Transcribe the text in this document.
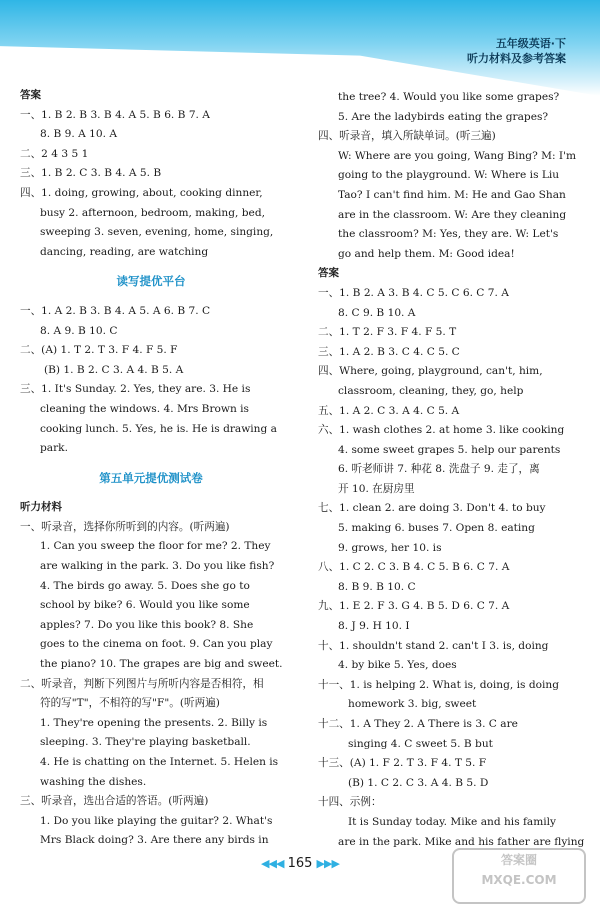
五年级英语·下
听力材料及参考答案
答案
一、1. B 2. B 3. B 4. A 5. B 6. B 7. A
8. B 9. A 10. A
二、2 4 3 5 1
三、1. B 2. C 3. B 4. A 5. B
四、1. doing, growing, about, cooking dinner,
busy 2. afternoon, bedroom, making, bed,
sweeping 3. seven, evening, home, singing,
dancing, reading, are watching
读写提优平台
一、1. A 2. B 3. B 4. A 5. A 6. B 7. C
8. A 9. B 10. C
二、(A) 1. T 2. T 3. F 4. F 5. F
(B) 1. B 2. C 3. A 4. B 5. A
三、1. It's Sunday. 2. Yes, they are. 3. He is
cleaning the windows. 4. Mrs Brown is
cooking lunch. 5. Yes, he is. He is drawing a
park.
第五单元提优测试卷
听力材料
一、听录音，选择你所听到的内容。(听两遍)
1. Can you sweep the floor for me? 2. They
are walking in the park. 3. Do you like fish?
4. The birds go away. 5. Does she go to
school by bike? 6. Would you like some
apples? 7. Do you like this book? 8. She
goes to the cinema on foot. 9. Can you play
the piano? 10. The grapes are big and sweet.
二、听录音，判断下列图片与所听内容是否相符，相
符的写"T"，不相符的写"F"。(听两遍)
1. They're opening the presents. 2. Billy is
sleeping. 3. They're playing basketball.
4. He is chatting on the Internet. 5. Helen is
washing the dishes.
三、听录音，选出合适的答语。(听两遍)
1. Do you like playing the guitar? 2. What's
Mrs Black doing? 3. Are there any birds in
the tree? 4. Would you like some grapes?
5. Are the ladybirds eating the grapes?
四、听录音，填入所缺单词。(听三遍)
W: Where are you going, Wang Bing? M: I'm
going to the playground. W: Where is Liu
Tao? I can't find him. M: He and Gao Shan
are in the classroom. W: Are they cleaning
the classroom? M: Yes, they are. W: Let's
go and help them. M: Good idea!
答案
一、1. B 2. A 3. B 4. C 5. C 6. C 7. A
8. C 9. B 10. A
二、1. T 2. F 3. F 4. F 5. T
三、1. A 2. B 3. C 4. C 5. C
四、Where, going, playground, can't, him,
classroom, cleaning, they, go, help
五、1. A 2. C 3. A 4. C 5. A
六、1. wash clothes 2. at home 3. like cooking
4. some sweet grapes 5. help our parents
6. 听老师讲 7. 种花 8. 洗盘子 9. 走了，离
开 10. 在厨房里
七、1. clean 2. are doing 3. Don't 4. to buy
5. making 6. buses 7. Open 8. eating
9. grows, her 10. is
八、1. C 2. C 3. B 4. C 5. B 6. C 7. A
8. B 9. B 10. C
九、1. E 2. F 3. G 4. B 5. D 6. C 7. A
8. J 9. H 10. I
十、1. shouldn't stand 2. can't I 3. is, doing
4. by bike 5. Yes, does
十一、1. is helping 2. What is, doing, is doing
homework 3. big, sweet
十二、1. A They 2. A There is 3. C are
singing 4. C sweet 5. B but
十三、(A) 1. F 2. T 3. F 4. T 5. F
(B) 1. C 2. C 3. A 4. B 5. D
十四、示例：
It is Sunday today. Mike and his family
are in the park. Mike and his father are flying
◀◀◀ 165 ▶▶▶	答案圈
MXQE.COM
